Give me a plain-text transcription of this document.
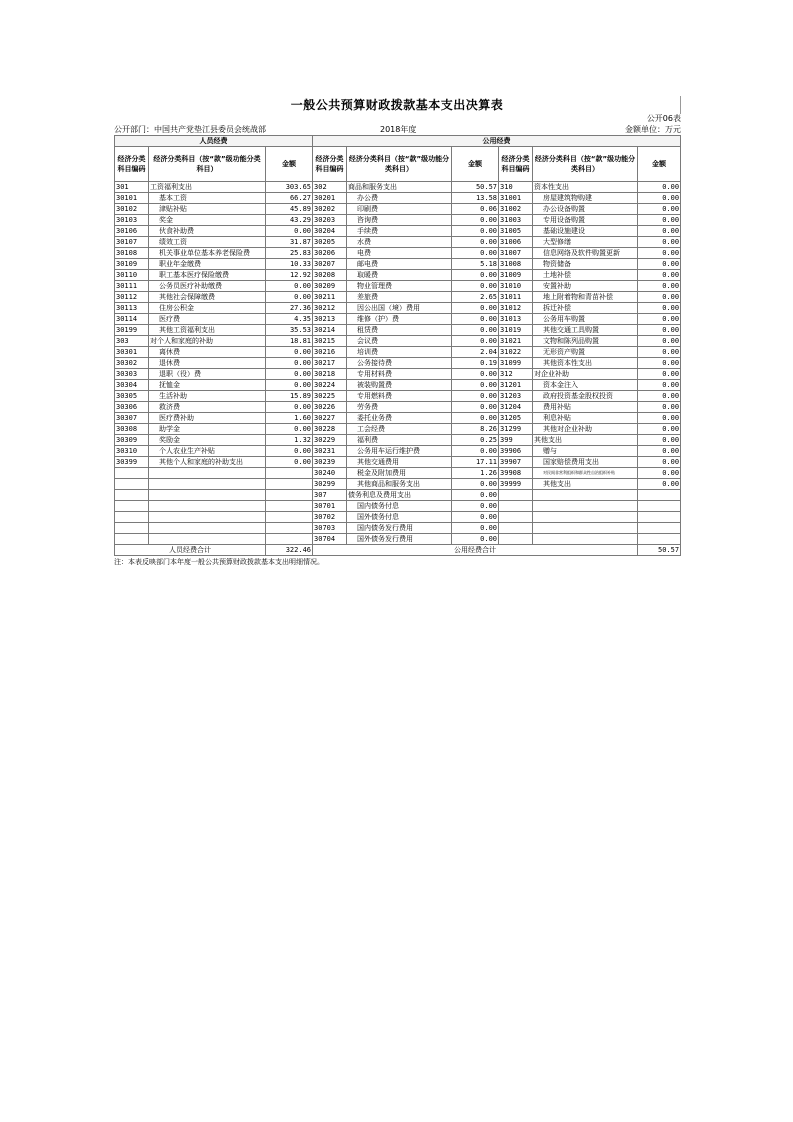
一般公共预算财政拨款基本支出决算表
公开06表
公开部门：中国共产党垫江县委员会统战部	2018年度	金额单位：万元
人员经费			公用经费					
经济分类科目编码	经济分类科目（按“款”级功能分类科目）	金额	经济分类科目编码	经济分类科目（按“款”级功能分类科目）	金额	经济分类科目编码	经济分类科目（按“款”级功能分类科目）	金额
301	工资福利支出	303.65	302	商品和服务支出	50.57	310	资本性支出	0.00
30101	基本工资	66.27	30201	办公费	13.58	31001	房屋建筑物购建	0.00
30102	津贴补贴	45.89	30202	印刷费	0.06	31002	办公设备购置	0.00
30103	奖金	43.29	30203	咨询费	0.00	31003	专用设备购置	0.00
30106	伙食补助费	0.00	30204	手续费	0.00	31005	基础设施建设	0.00
30107	绩效工资	31.87	30205	水费	0.00	31006	大型修缮	0.00
30108	机关事业单位基本养老保险费	25.83	30206	电费	0.00	31007	信息网络及软件购置更新	0.00
30109	职业年金缴费	10.33	30207	邮电费	5.18	31008	物资储备	0.00
30110	职工基本医疗保险缴费	12.92	30208	取暖费	0.00	31009	土地补偿	0.00
30111	公务员医疗补助缴费	0.00	30209	物业管理费	0.00	31010	安置补助	0.00
30112	其他社会保障缴费	0.00	30211	差旅费	2.65	31011	地上附着物和青苗补偿	0.00
30113	住房公积金	27.36	30212	因公出国（境）费用	0.00	31012	拆迁补偿	0.00
30114	医疗费	4.35	30213	维修（护）费	0.00	31013	公务用车购置	0.00
30199	其他工资福利支出	35.53	30214	租赁费	0.00	31019	其他交通工具购置	0.00
303	对个人和家庭的补助	18.81	30215	会议费	0.00	31021	文物和陈列品购置	0.00
30301	离休费	0.00	30216	培训费	2.04	31022	无形资产购置	0.00
30302	退休费	0.00	30217	公务接待费	0.19	31099	其他资本性支出	0.00
30303	退职（役）费	0.00	30218	专用材料费	0.00	312	对企业补助	0.00
30304	抚恤金	0.00	30224	被装购置费	0.00	31201	资本金注入	0.00
30305	生活补助	15.89	30225	专用燃料费	0.00	31203	政府投资基金股权投资	0.00
30306	救济费	0.00	30226	劳务费	0.00	31204	费用补贴	0.00
30307	医疗费补助	1.60	30227	委托业务费	0.00	31205	利息补贴	0.00
30308	助学金	0.00	30228	工会经费	8.26	31299	其他对企业补助	0.00
30309	奖励金	1.32	30229	福利费	0.25	399	其他支出	0.00
30310	个人农业生产补贴	0.00	30231	公务用车运行维护费	0.00	39906	赠与	0.00
30399	其他个人和家庭的补助支出	0.00	30239	其他交通费用	17.11	39907	国家赔偿费用支出	0.00
			30240	税金及附加费用	1.26	39908	对民间非营利组织和群众性自治组织补贴	0.00
			30299	其他商品和服务支出	0.00	39999	其他支出	0.00
			307	债务利息及费用支出	0.00			
			30701	国内债务付息	0.00			
			30702	国外债务付息	0.00			
			30703	国内债务发行费用	0.00			
			30704	国外债务发行费用	0.00			
人员经费合计		322.46	公用经费合计					50.57
注：本表反映部门本年度一般公共预算财政拨款基本支出明细情况。
